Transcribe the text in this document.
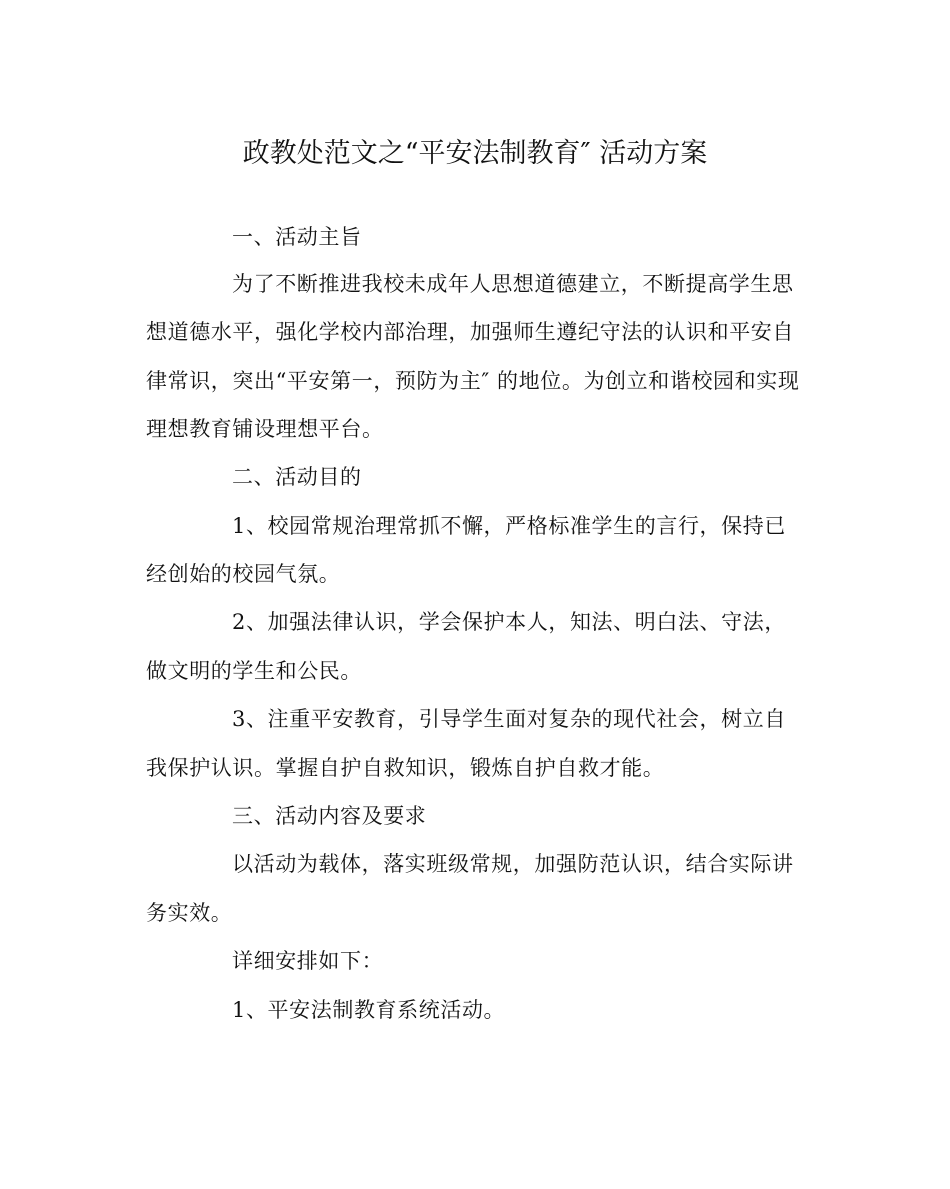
政教处范文之“平安法制教育″ 活动方案
一、活动主旨
为了不断推进我校未成年人思想道德建立，不断提高学生思
想道德水平，强化学校内部治理，加强师生遵纪守法的认识和平安自
律常识，突出“平安第一，预防为主″ 的地位。为创立和谐校园和实现
理想教育铺设理想平台。
二、活动目的
1、校园常规治理常抓不懈，严格标准学生的言行，保持已
经创始的校园气氛。
2、加强法律认识，学会保护本人，知法、明白法、守法，
做文明的学生和公民。
3、注重平安教育，引导学生面对复杂的现代社会，树立自
我保护认识。掌握自护自救知识，锻炼自护自救才能。
三、活动内容及要求
以活动为载体，落实班级常规，加强防范认识，结合实际讲
务实效。
详细安排如下：
1、平安法制教育系统活动。
